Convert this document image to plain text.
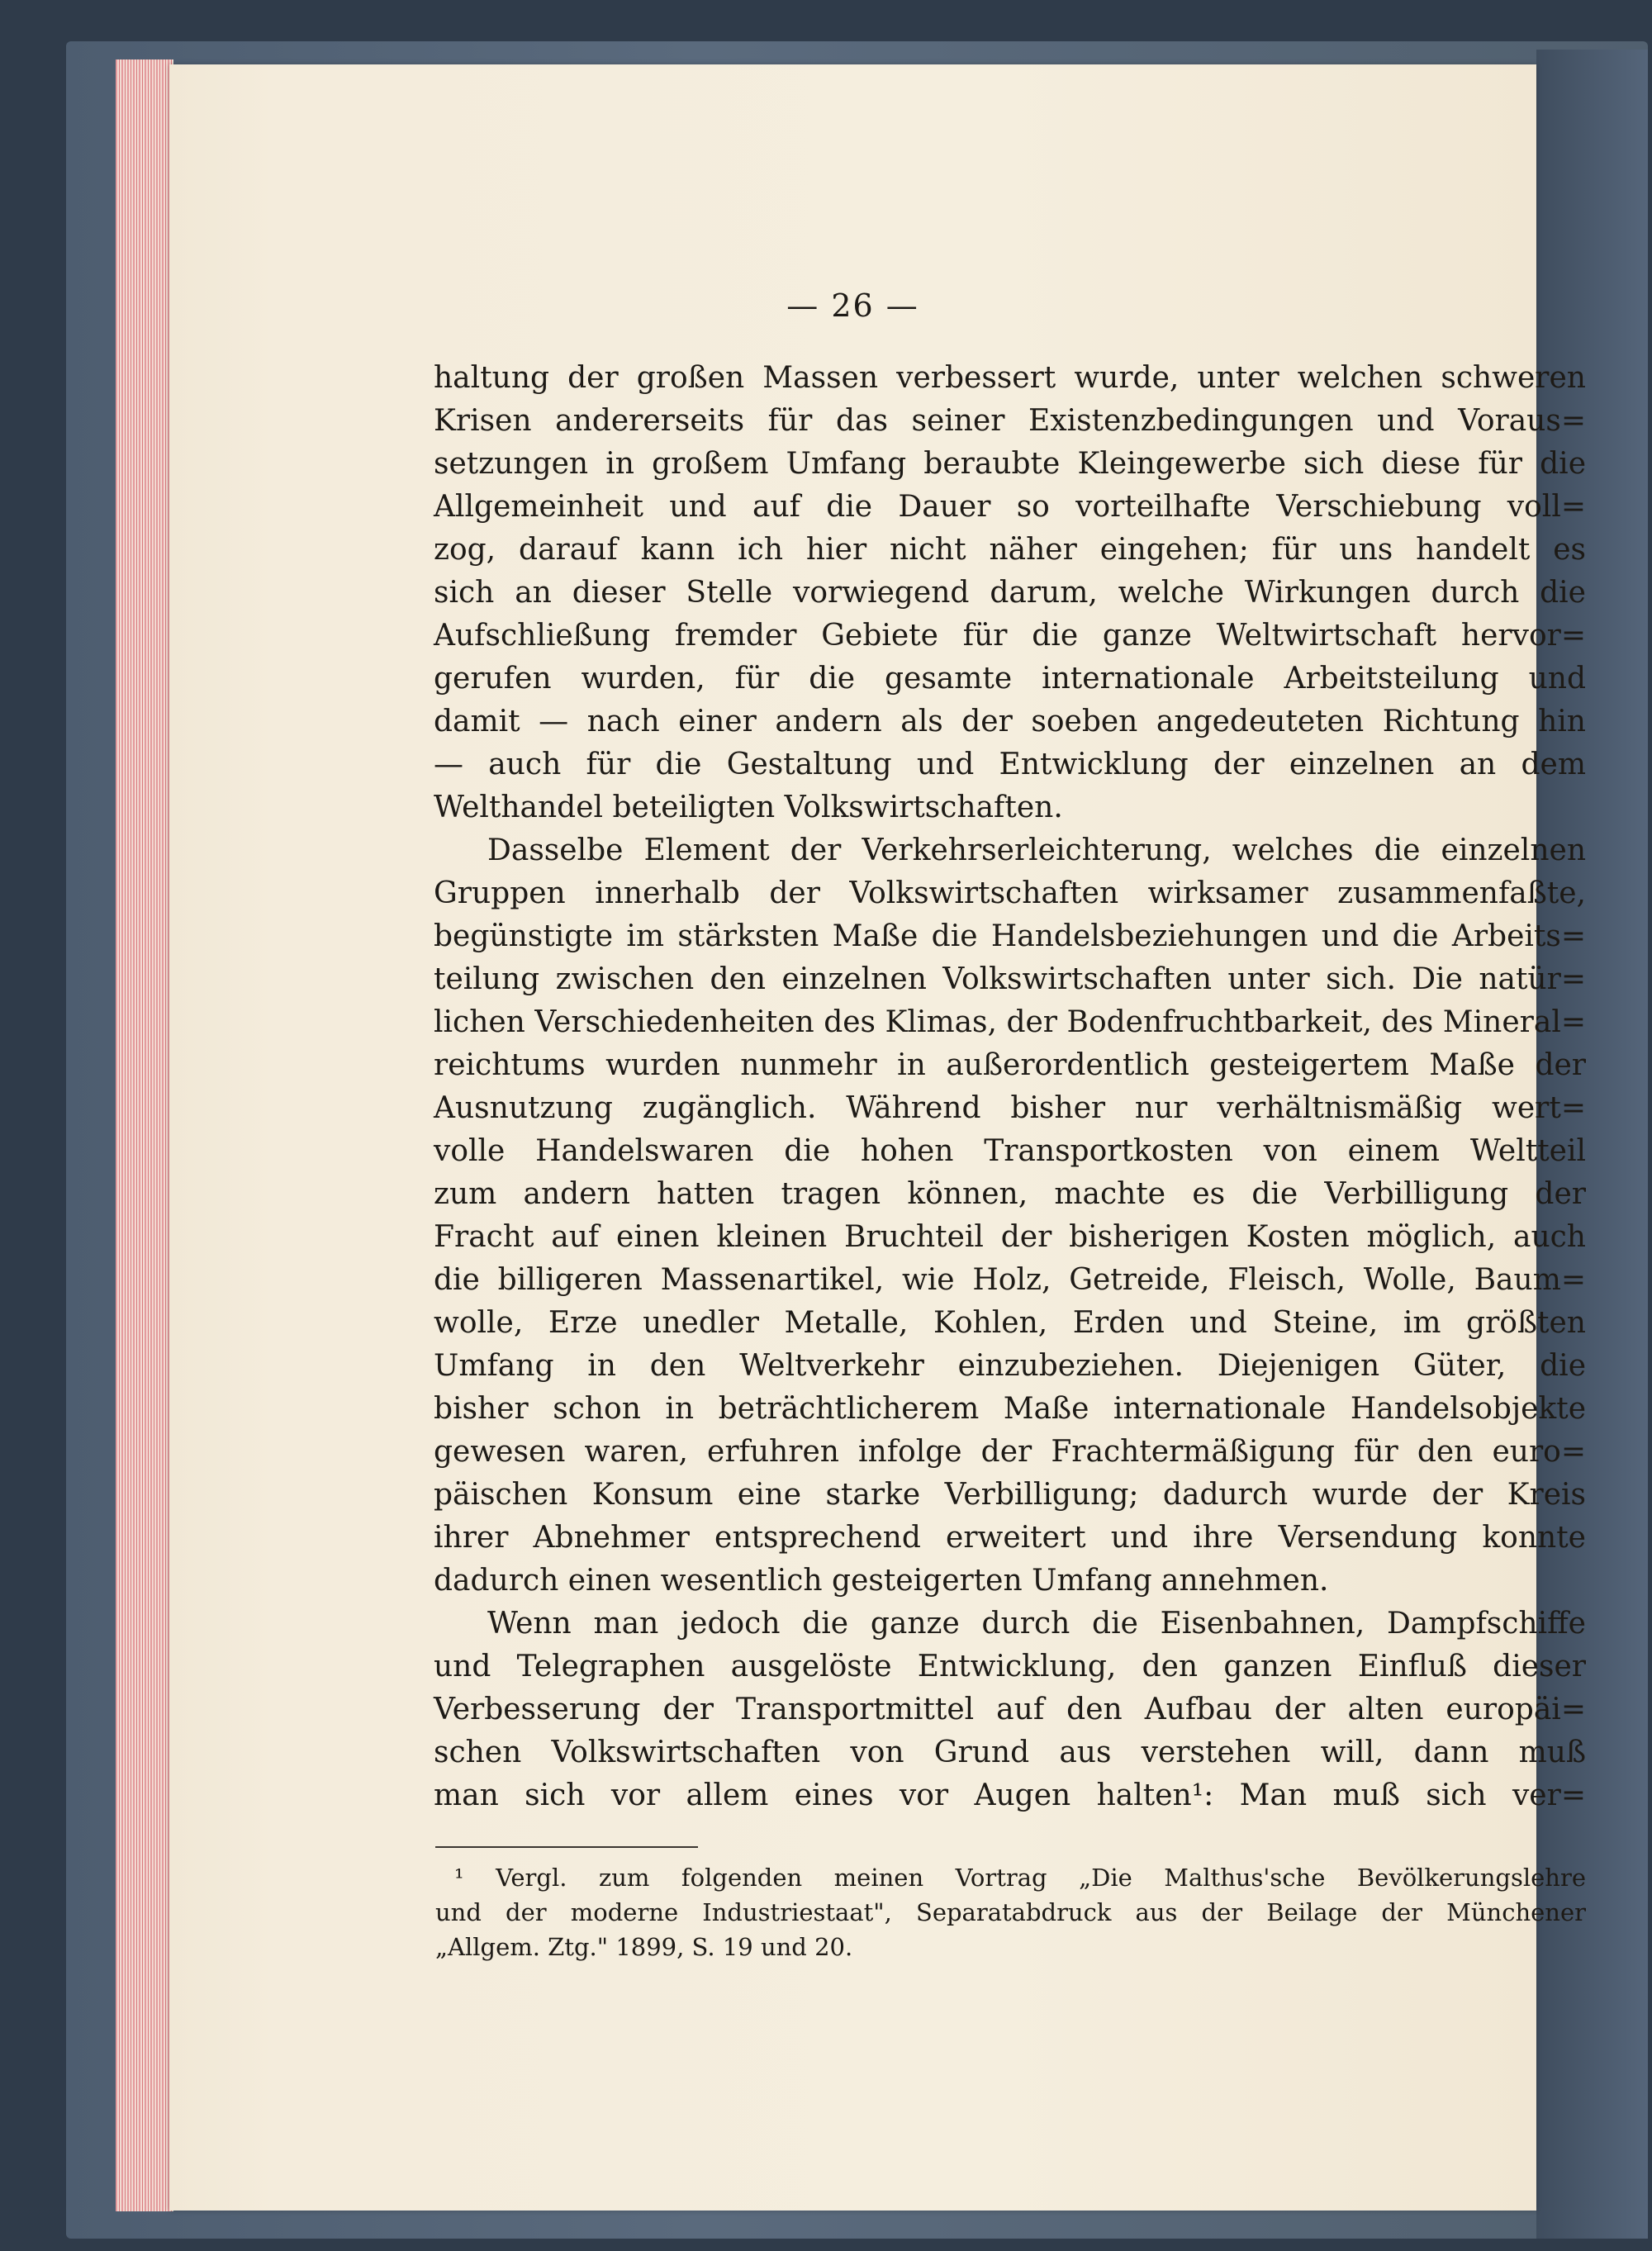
— 26 —
haltung der großen Massen verbessert wurde, unter welchen schweren
Krisen andererseits für das seiner Existenzbedingungen und Voraus=
setzungen in großem Umfang beraubte Kleingewerbe sich diese für die
Allgemeinheit und auf die Dauer so vorteilhafte Verschiebung voll=
zog, darauf kann ich hier nicht näher eingehen; für uns handelt es
sich an dieser Stelle vorwiegend darum, welche Wirkungen durch die
Aufschließung fremder Gebiete für die ganze Weltwirtschaft hervor=
gerufen wurden, für die gesamte internationale Arbeitsteilung und
damit — nach einer andern als der soeben angedeuteten Richtung hin
— auch für die Gestaltung und Entwicklung der einzelnen an dem
Welthandel beteiligten Volkswirtschaften.
Dasselbe Element der Verkehrserleichterung, welches die einzelnen
Gruppen innerhalb der Volkswirtschaften wirksamer zusammenfaßte,
begünstigte im stärksten Maße die Handelsbeziehungen und die Arbeits=
teilung zwischen den einzelnen Volkswirtschaften unter sich. Die natür=
lichen Verschiedenheiten des Klimas, der Bodenfruchtbarkeit, des Mineral=
reichtums wurden nunmehr in außerordentlich gesteigertem Maße der
Ausnutzung zugänglich. Während bisher nur verhältnismäßig wert=
volle Handelswaren die hohen Transportkosten von einem Weltteil
zum andern hatten tragen können, machte es die Verbilligung der
Fracht auf einen kleinen Bruchteil der bisherigen Kosten möglich, auch
die billigeren Massenartikel, wie Holz, Getreide, Fleisch, Wolle, Baum=
wolle, Erze unedler Metalle, Kohlen, Erden und Steine, im größten
Umfang in den Weltverkehr einzubeziehen. Diejenigen Güter, die
bisher schon in beträchtlicherem Maße internationale Handelsobjekte
gewesen waren, erfuhren infolge der Frachtermäßigung für den euro=
päischen Konsum eine starke Verbilligung; dadurch wurde der Kreis
ihrer Abnehmer entsprechend erweitert und ihre Versendung konnte
dadurch einen wesentlich gesteigerten Umfang annehmen.
Wenn man jedoch die ganze durch die Eisenbahnen, Dampfschiffe
und Telegraphen ausgelöste Entwicklung, den ganzen Einfluß dieser
Verbesserung der Transportmittel auf den Aufbau der alten europäi=
schen Volkswirtschaften von Grund aus verstehen will, dann muß
man sich vor allem eines vor Augen halten¹: Man muß sich ver=
¹ Vergl. zum folgenden meinen Vortrag „Die Malthus'sche Bevölkerungslehre
und der moderne Industriestaat", Separatabdruck aus der Beilage der Münchener
„Allgem. Ztg." 1899, S. 19 und 20.
